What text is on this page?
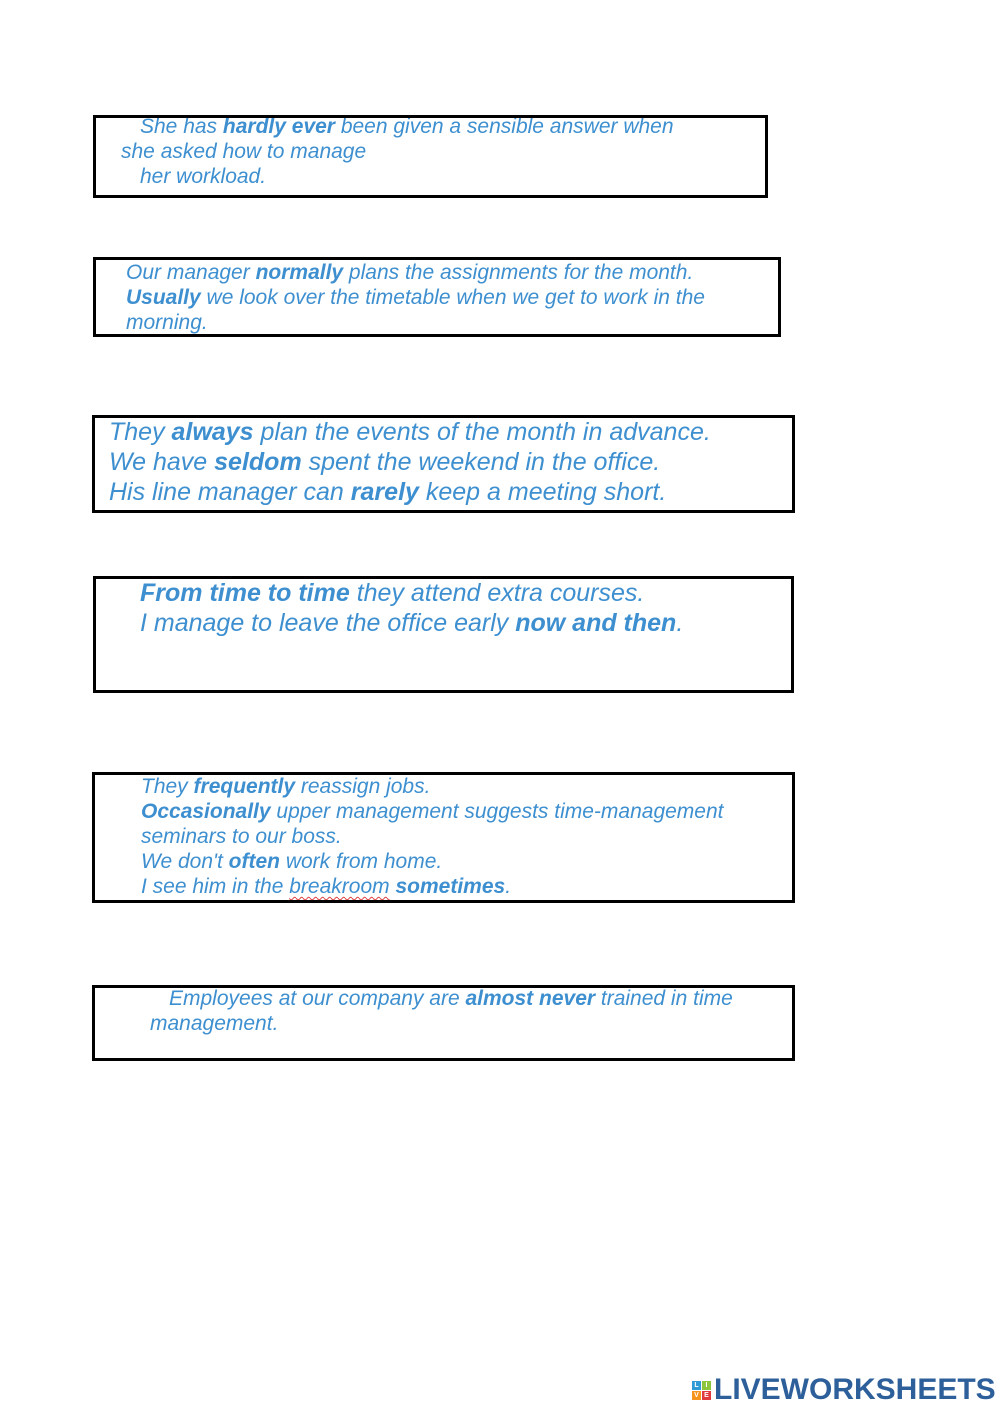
She has hardly ever been given a sensible answer when
she asked how to manage
her workload.
Our manager normally plans the assignments for the month.
Usually we look over the timetable when we get to work in the
morning.
They always plan the events of the month in advance.
We have seldom spent the weekend in the office.
His line manager can rarely keep a meeting short.
From time to time they attend extra courses.
I manage to leave the office early now and then.
They frequently reassign jobs.
Occasionally upper management suggests time-management
seminars to our boss.
We don't often work from home.
I see him in the breakroom sometimes.
Employees at our company are almost never trained in time
management.
L I
V E LIVEWORKSHEETS
